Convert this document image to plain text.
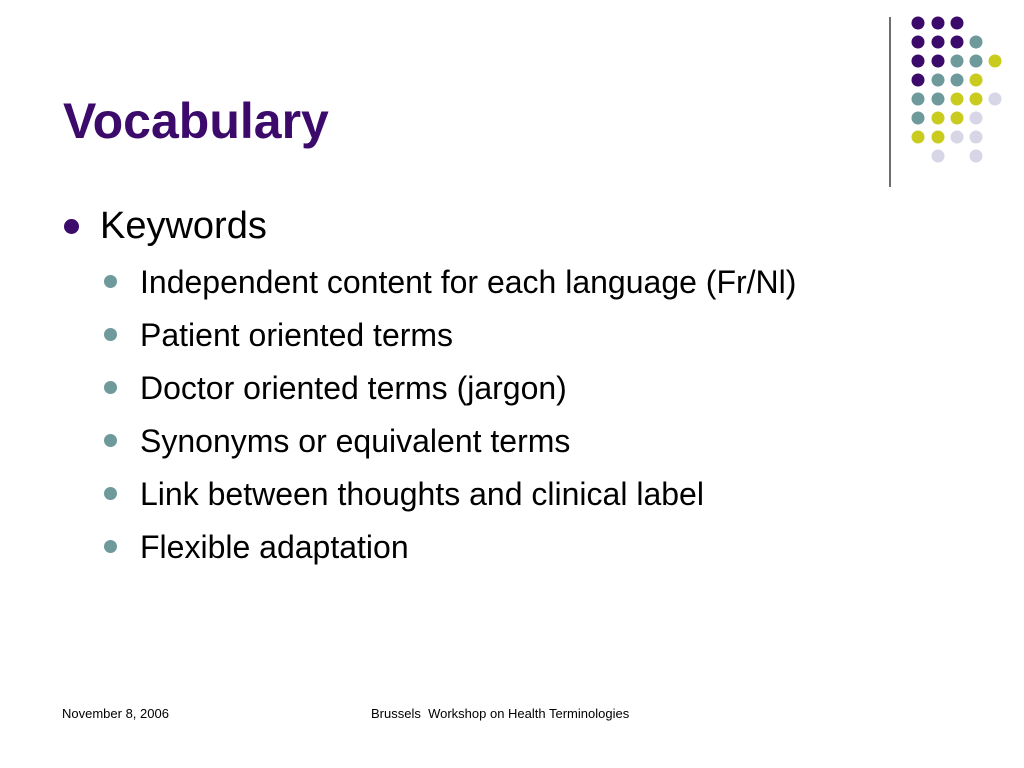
Vocabulary
Keywords
Independent content for each language (Fr/Nl)
Patient oriented terms
Doctor oriented terms (jargon)
Synonyms or equivalent terms
Link between thoughts and clinical label
Flexible adaptation
November 8, 2006	Brussels  Workshop on Health Terminologies
